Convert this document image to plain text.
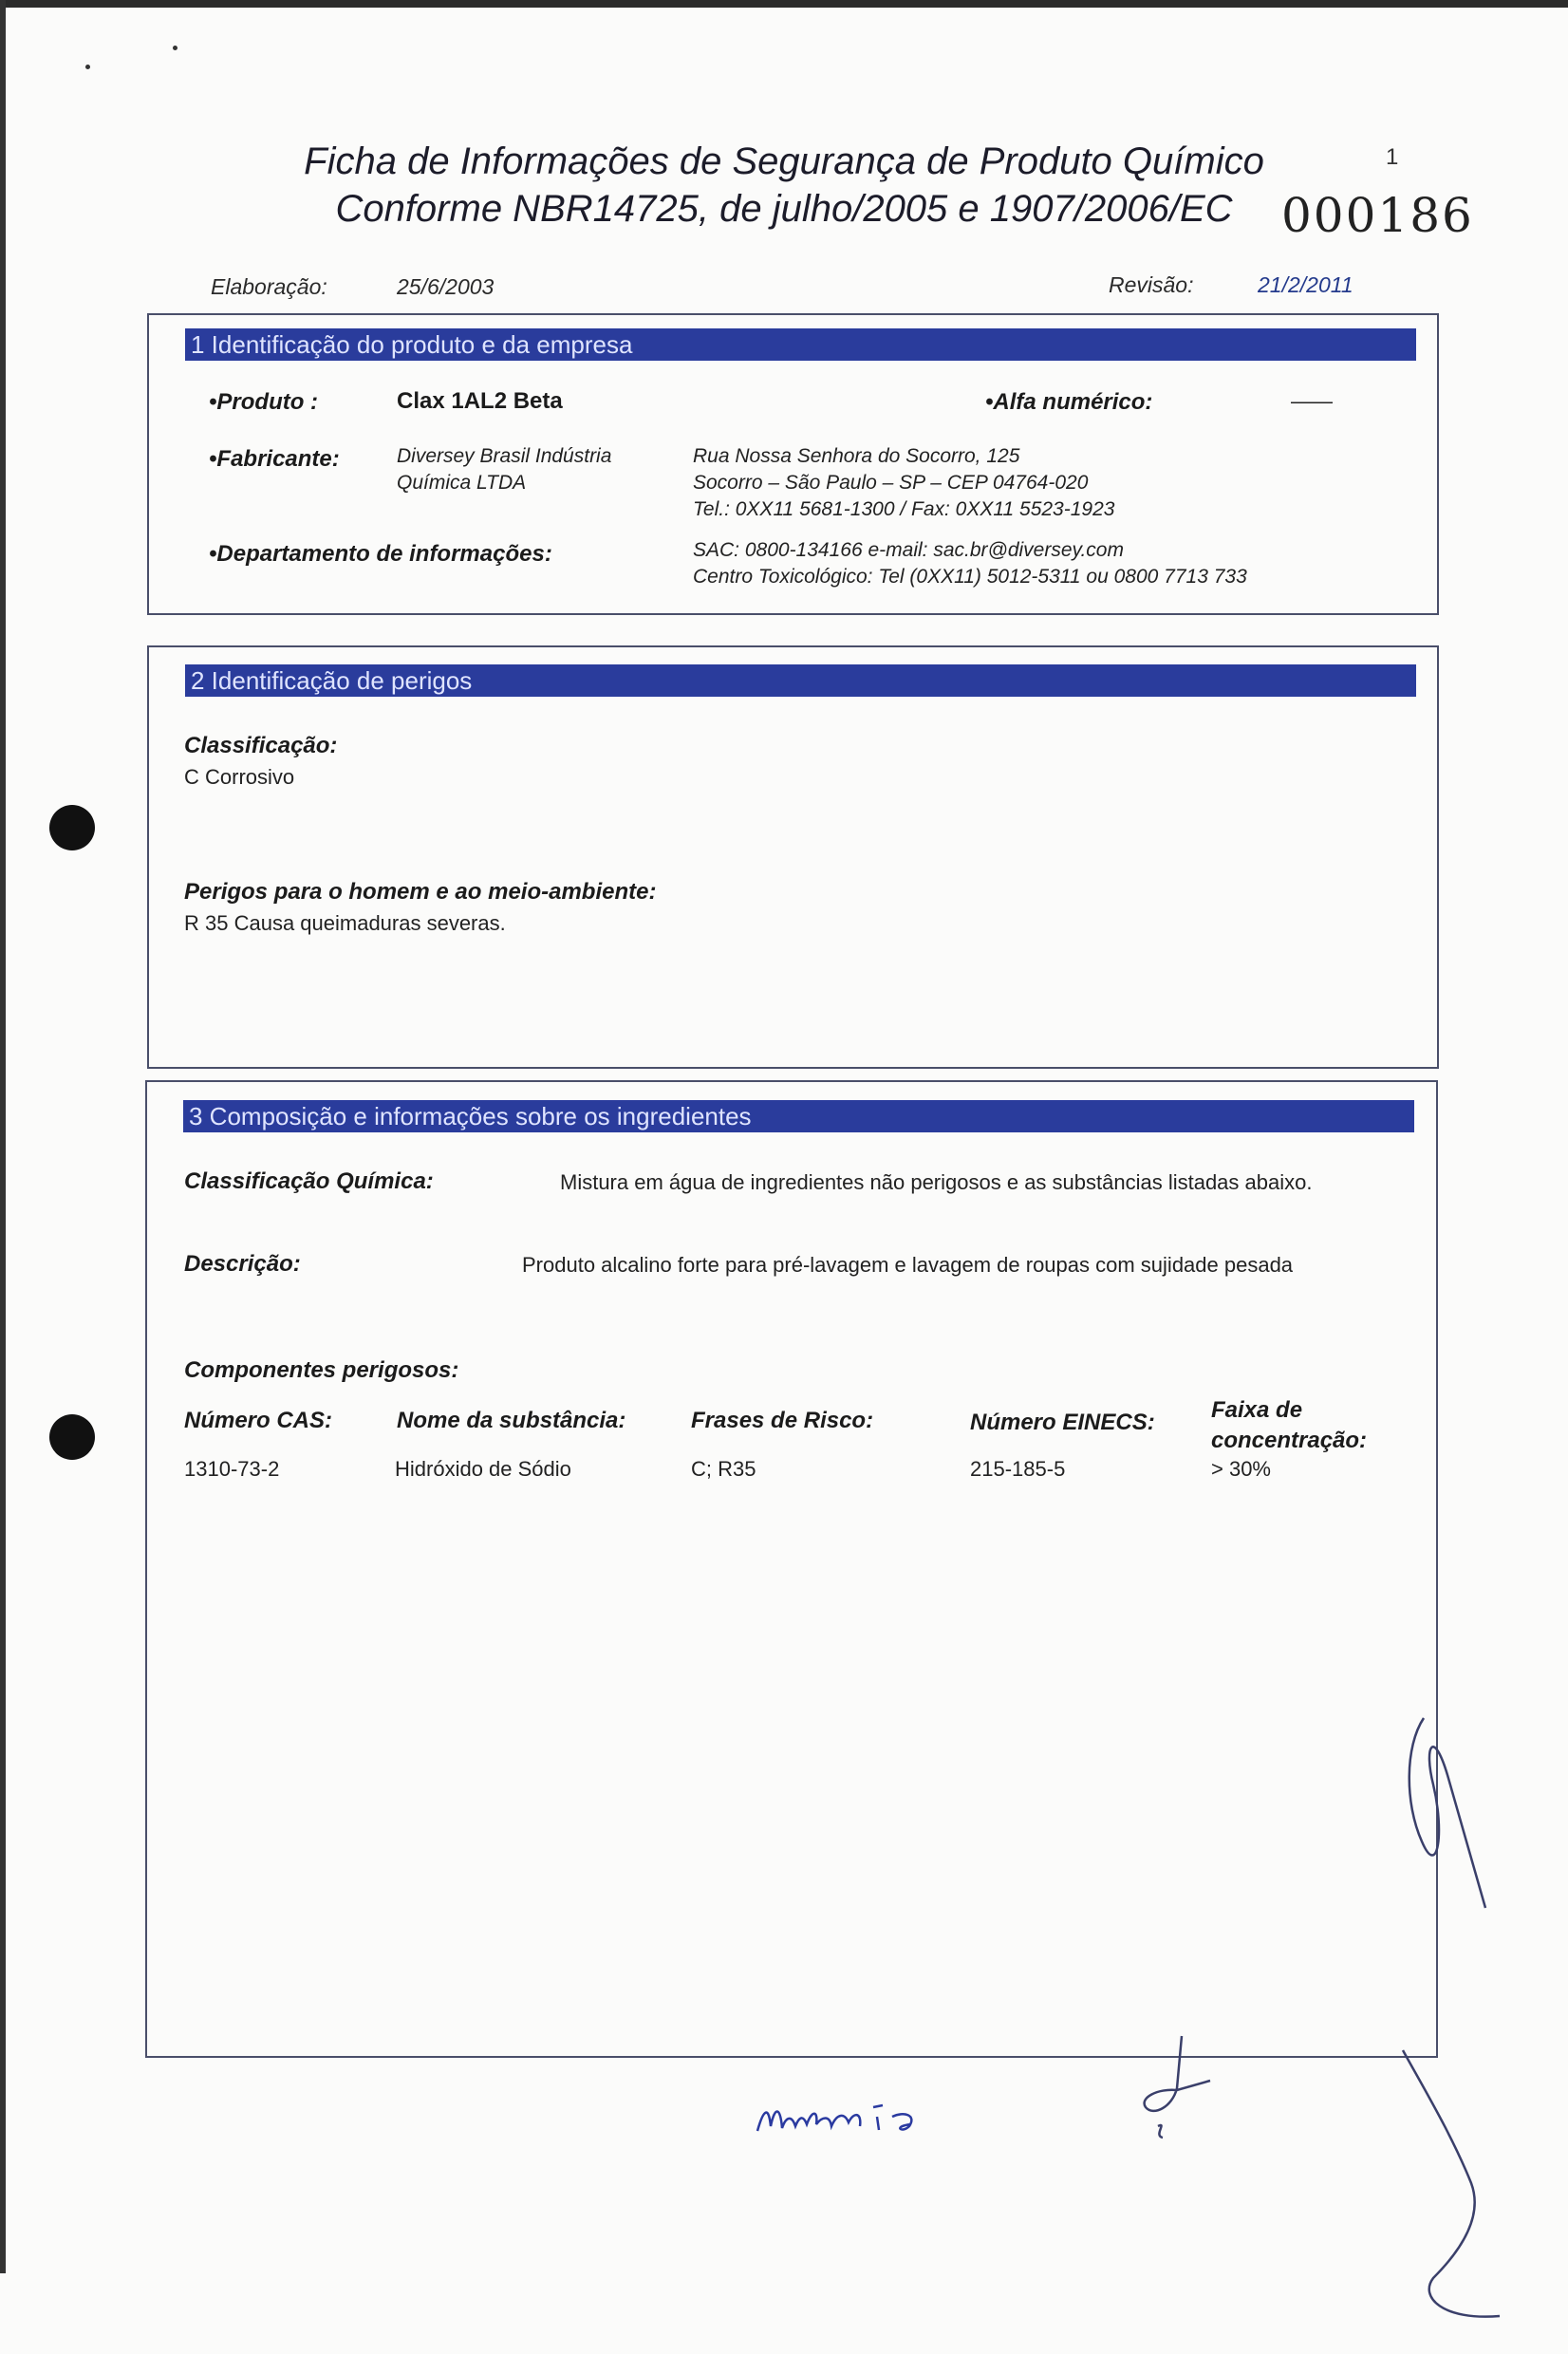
Ficha de Informações de Segurança de Produto Químico
Conforme NBR14725, de julho/2005 e 1907/2006/EC
1
000186
Elaboração:	25/6/2003	Revisão:	21/2/2011
1 Identificação do produto e da empresa
•Produto :	Clax 1AL2 Beta	•Alfa numérico:	——
•Fabricante:	Diversey Brasil Indústria
Química LTDA
Rua Nossa Senhora do Socorro, 125
Socorro – São Paulo – SP – CEP 04764-020
Tel.: 0XX11 5681-1300 / Fax: 0XX11 5523-1923
•Departamento de informações:	SAC: 0800-134166 e-mail: sac.br@diversey.com
Centro Toxicológico: Tel (0XX11) 5012-5311 ou 0800 7713 733
2 Identificação de perigos
Classificação:
C Corrosivo
Perigos para o homem e ao meio-ambiente:
R 35 Causa queimaduras severas.
3 Composição e informações sobre os ingredientes
Classificação Química:	Mistura em água de ingredientes não perigosos e as substâncias listadas abaixo.
Descrição:	Produto alcalino forte para pré-lavagem e lavagem de roupas com sujidade pesada
Componentes perigosos:
Número CAS:	Nome da substância:	Frases de Risco:	Número EINECS: Faixa de
concentração:
1310-73-2	Hidróxido de Sódio	C; R35	215-185-5	> 30%
